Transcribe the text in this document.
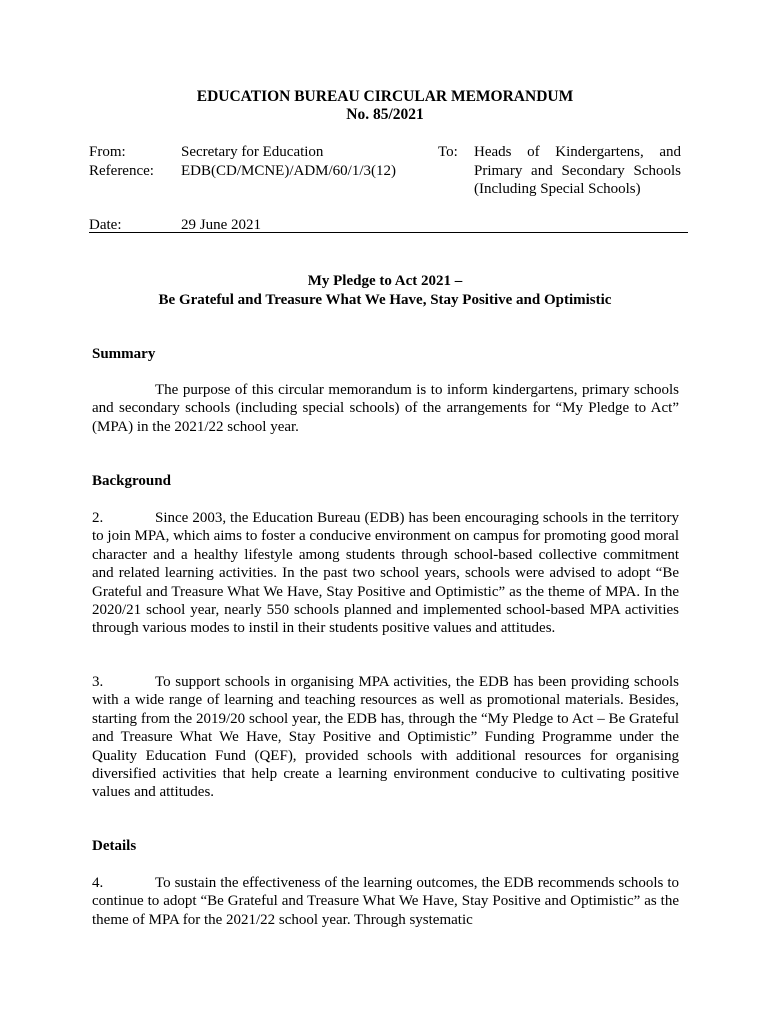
EDUCATION BUREAU CIRCULAR MEMORANDUM
No. 85/2021
From:	Secretary for Education
Reference: EDB(CD/MCNE)/ADM/60/1/3(12)
Date:	29 June 2021
To: Heads of Kindergartens, and Primary and Secondary Schools (Including Special Schools)
My Pledge to Act 2021 –
Be Grateful and Treasure What We Have, Stay Positive and Optimistic
Summary
The purpose of this circular memorandum is to inform kindergartens, primary schools and secondary schools (including special schools) of the arrangements for “My Pledge to Act” (MPA) in the 2021/22 school year.
Background
2.	Since 2003, the Education Bureau (EDB) has been encouraging schools in the territory to join MPA, which aims to foster a conducive environment on campus for promoting good moral character and a healthy lifestyle among students through school-based collective commitment and related learning activities. In the past two school years, schools were advised to adopt “Be Grateful and Treasure What We Have, Stay Positive and Optimistic” as the theme of MPA. In the 2020/21 school year, nearly 550 schools planned and implemented school-based MPA activities through various modes to instil in their students positive values and attitudes.
3.	To support schools in organising MPA activities, the EDB has been providing schools with a wide range of learning and teaching resources as well as promotional materials. Besides, starting from the 2019/20 school year, the EDB has, through the “My Pledge to Act – Be Grateful and Treasure What We Have, Stay Positive and Optimistic” Funding Programme under the Quality Education Fund (QEF), provided schools with additional resources for organising diversified activities that help create a learning environment conducive to cultivating positive values and attitudes.
Details
4.	To sustain the effectiveness of the learning outcomes, the EDB recommends schools to continue to adopt “Be Grateful and Treasure What We Have, Stay Positive and Optimistic” as the theme of MPA for the 2021/22 school year. Through systematic
